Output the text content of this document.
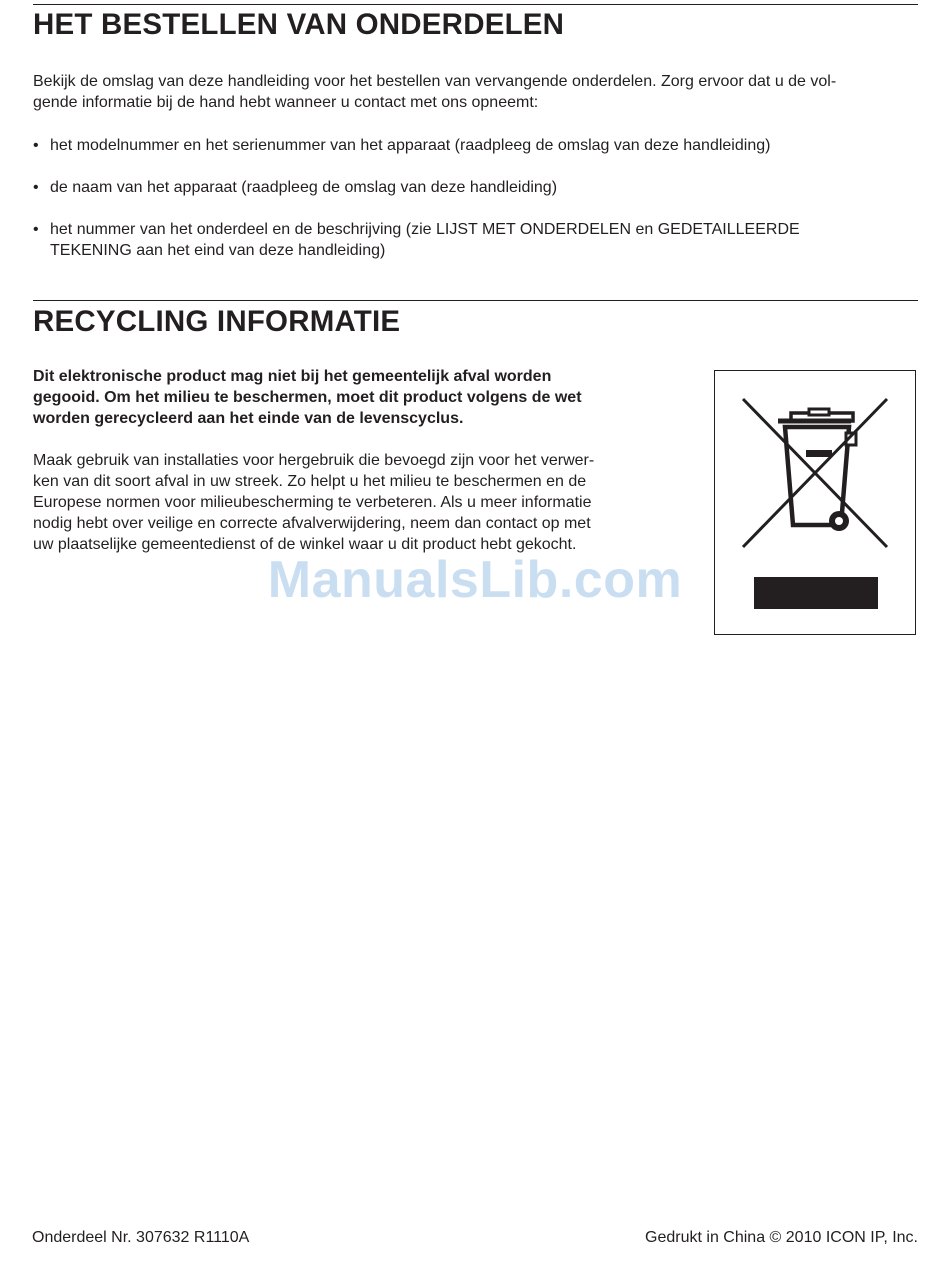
HET BESTELLEN VAN ONDERDELEN

Bekijk de omslag van deze handleiding voor het bestellen van vervangende onderdelen. Zorg ervoor dat u de vol-
gende informatie bij de hand hebt wanneer u contact met ons opneemt:

• het modelnummer en het serienummer van het apparaat (raadpleeg de omslag van deze handleiding)
• de naam van het apparaat (raadpleeg de omslag van deze handleiding)
• het nummer van het onderdeel en de beschrijving (zie LIJST MET ONDERDELEN en GEDETAILLEERDE
TEKENING aan het eind van deze handleiding)
RECYCLING INFORMATIE

Dit elektronische product mag niet bij het gemeentelijk afval worden
gegooid. Om het milieu te beschermen, moet dit product volgens de wet
worden gerecycleerd aan het einde van de levenscyclus.

Maak gebruik van installaties voor hergebruik die bevoegd zijn voor het verwer-
ken van dit soort afval in uw streek. Zo helpt u het milieu te beschermen en de
Europese normen voor milieubescherming te verbeteren. Als u meer informatie
nodig hebt over veilige en correcte afvalverwijdering, neem dan contact op met
uw plaatselijke gemeentedienst of de winkel waar u dit product hebt gekocht.

ManualsLib.com
Onderdeel Nr. 307632 R1110A	Gedrukt in China © 2010 ICON IP, Inc.
